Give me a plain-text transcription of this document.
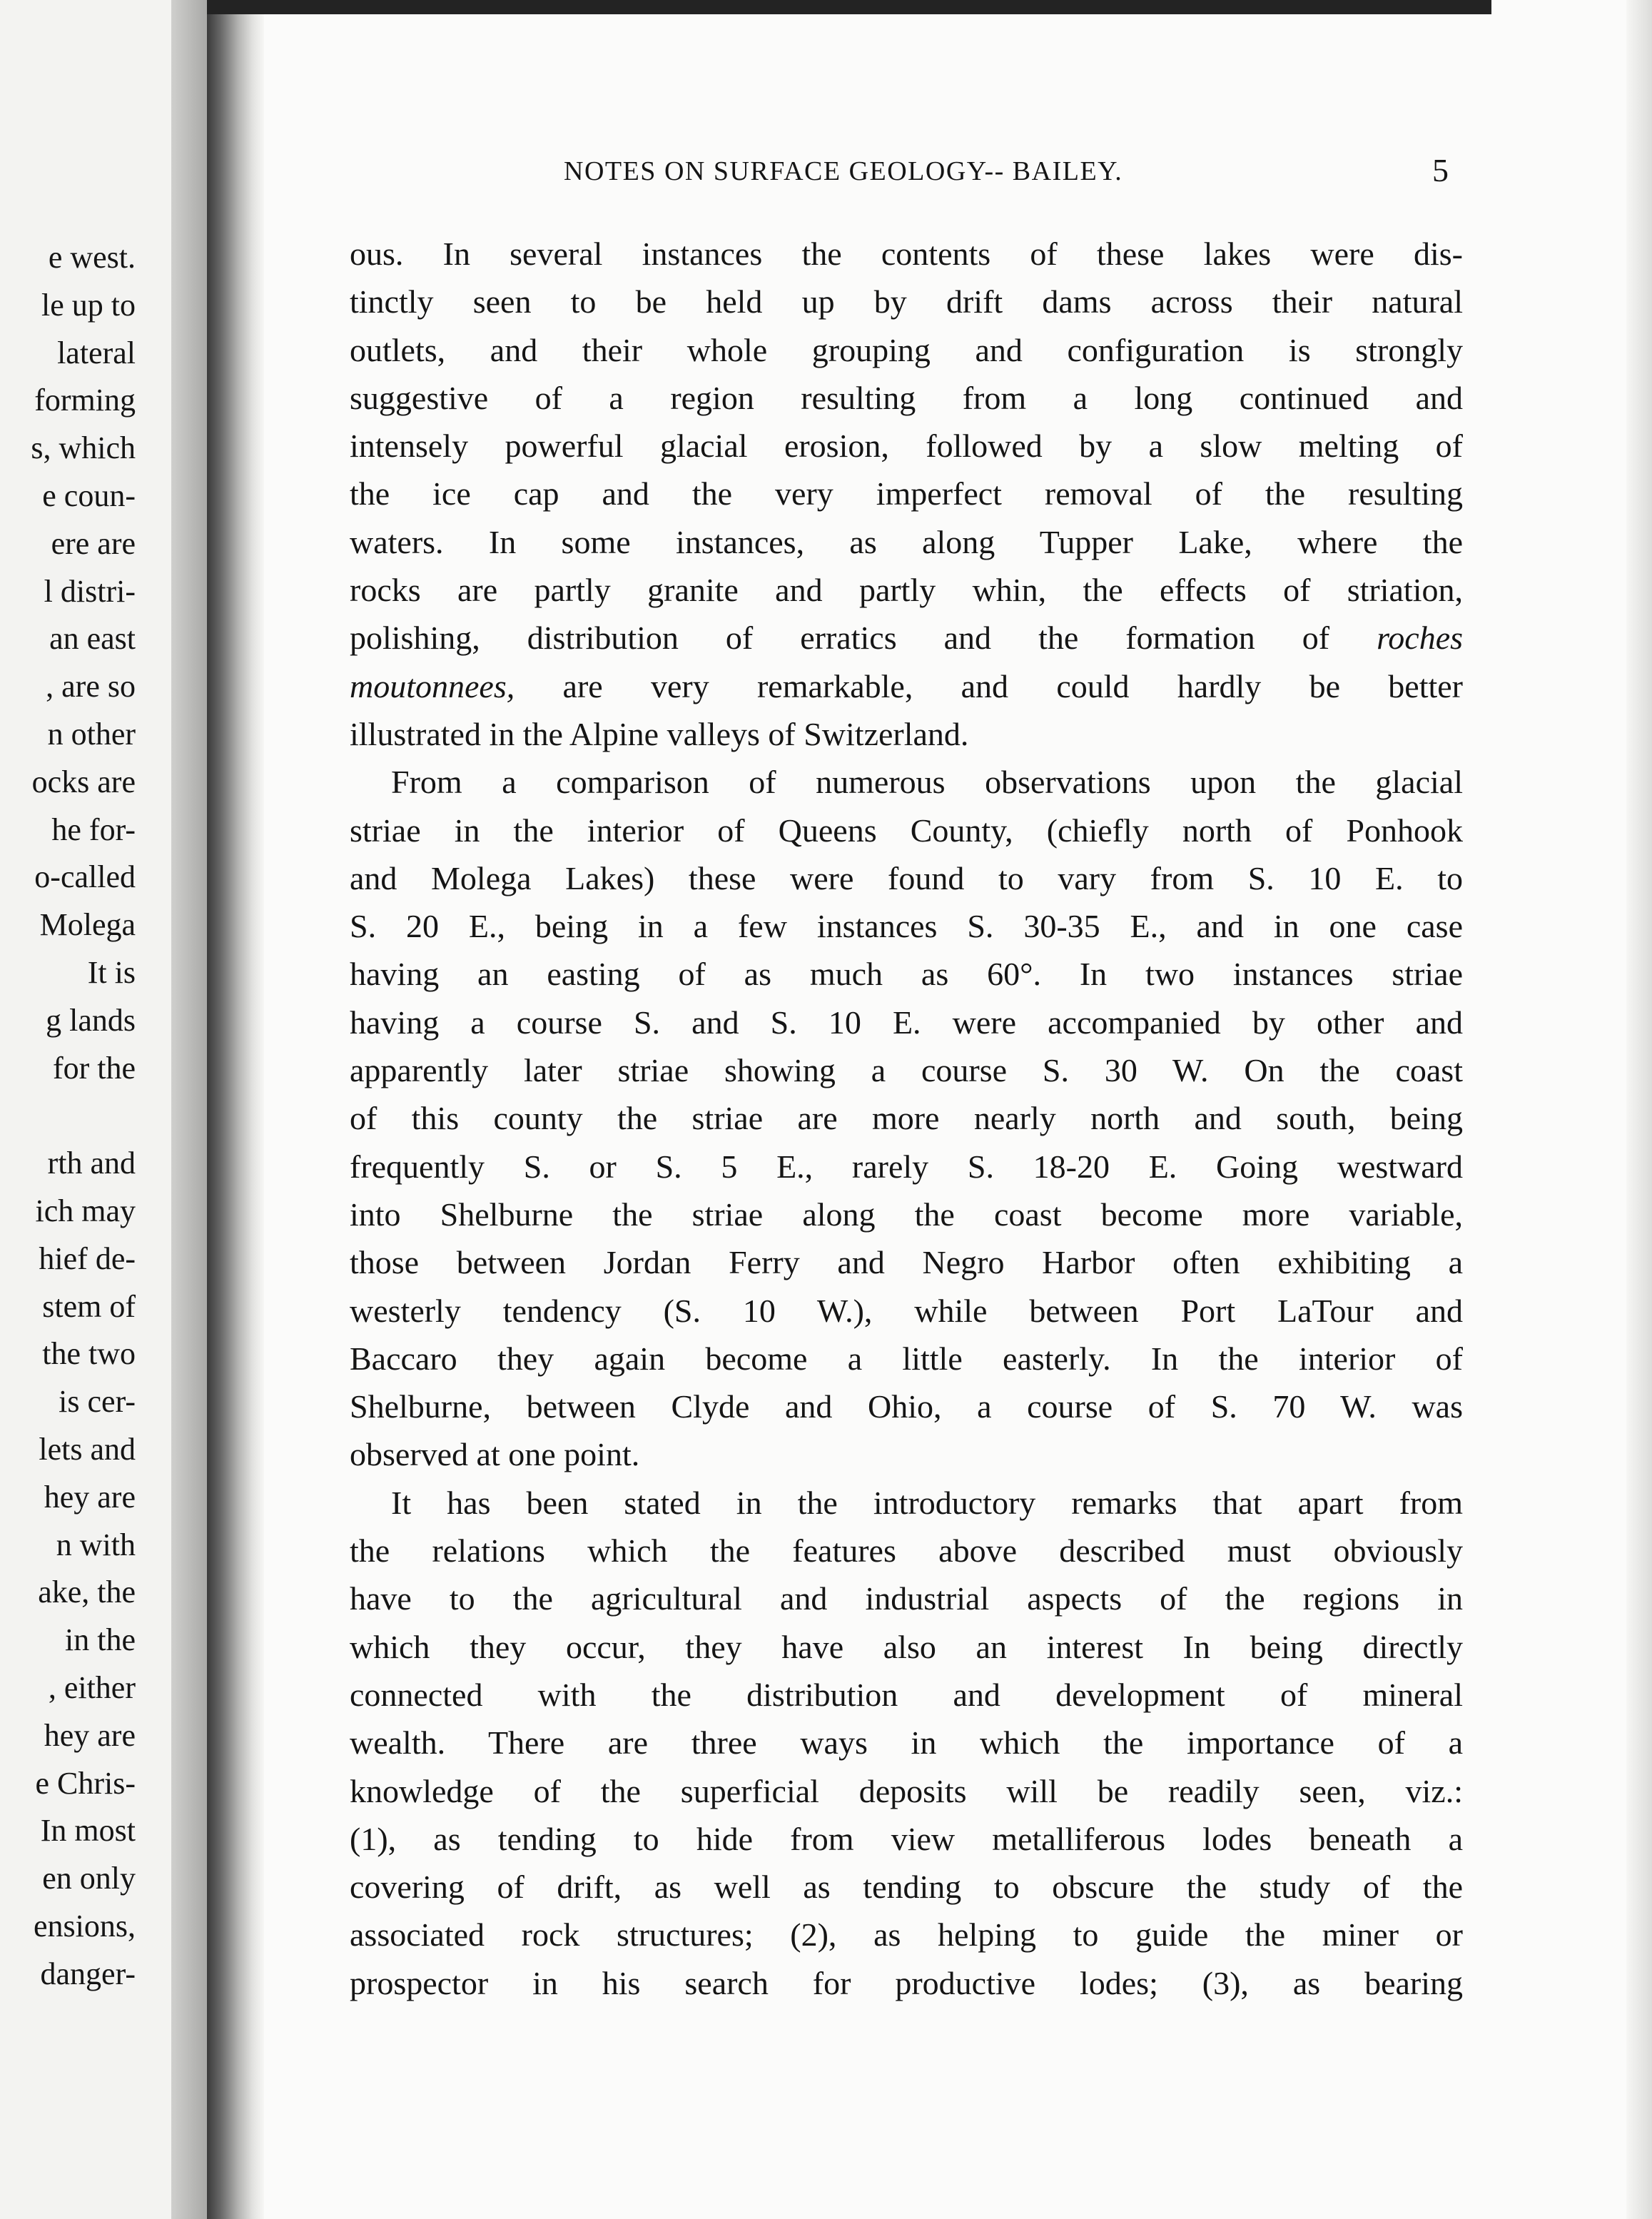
e west.
le up to
lateral
forming
s, which
e coun-
ere are
l distri-
an east
, are so
n other
ocks are
he for-
o-called
Molega
It is
g lands
for the
rth and
ich may
hief de-
stem of
the two
is cer-
lets and
hey are
n with
ake, the
in the
, either
hey are
e Chris-
In most
en only
ensions,
danger-
NOTES ON SURFACE GEOLOGY-- BAILEY.	5
ous. In several instances the contents of these lakes were dis-
tinctly seen to be held up by drift dams across their natural
outlets, and their whole grouping and configuration is strongly
suggestive of a region resulting from a long continued and
intensely powerful glacial erosion, followed by a slow melting of
the ice cap and the very imperfect removal of the resulting
waters. In some instances, as along Tupper Lake, where the
rocks are partly granite and partly whin, the effects of striation,
polishing, distribution of erratics and the formation of roches
moutonnees, are very remarkable, and could hardly be better
illustrated in the Alpine valleys of Switzerland.
From a comparison of numerous observations upon the glacial
striae in the interior of Queens County, (chiefly north of Ponhook
and Molega Lakes) these were found to vary from S. 10 E. to
S. 20 E., being in a few instances S. 30-35 E., and in one case
having an easting of as much as 60°. In two instances striae
having a course S. and S. 10 E. were accompanied by other and
apparently later striae showing a course S. 30 W. On the coast
of this county the striae are more nearly north and south, being
frequently S. or S. 5 E., rarely S. 18-20 E. Going westward
into Shelburne the striae along the coast become more variable,
those between Jordan Ferry and Negro Harbor often exhibiting a
westerly tendency (S. 10 W.), while between Port LaTour and
Baccaro they again become a little easterly. In the interior of
Shelburne, between Clyde and Ohio, a course of S. 70 W. was
observed at one point.
It has been stated in the introductory remarks that apart from
the relations which the features above described must obviously
have to the agricultural and industrial aspects of the regions in
which they occur, they have also an interest In being directly
connected with the distribution and development of mineral
wealth. There are three ways in which the importance of a
knowledge of the superficial deposits will be readily seen, viz.:
(1), as tending to hide from view metalliferous lodes beneath a
covering of drift, as well as tending to obscure the study of the
associated rock structures; (2), as helping to guide the miner or
prospector in his search for productive lodes; (3), as bearing
